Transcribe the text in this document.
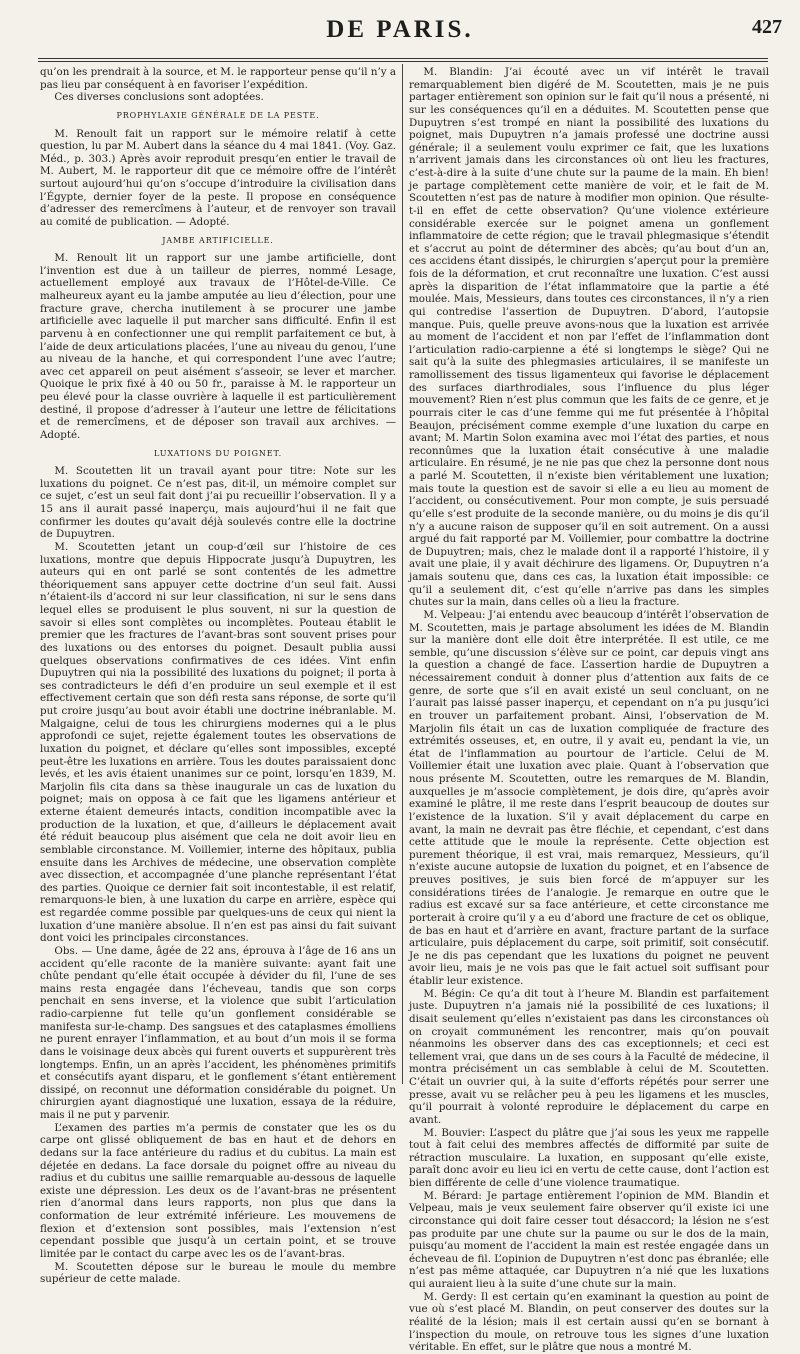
DE PARIS.	427

qu’on les prendrait à la source, et M. le rapporteur pense qu’il n’y a pas lieu par conséquent à en favoriser l’expédition.

Ces diverses conclusions sont adoptées.

PROPHYLAXIE GÉNÉRALE DE LA PESTE.

M. Renoult fait un rapport sur le mémoire relatif à cette question, lu par M. Aubert dans la séance du 4 mai 1841. (Voy. Gaz. Méd., p. 303.) Après avoir reproduit presqu’en entier le travail de M. Aubert, M. le rapporteur dit que ce mémoire offre de l’intérêt surtout aujourd’hui qu’on s’occupe d’introduire la civilisation dans l’Égypte, dernier foyer de la peste. Il propose en conséquence d’adresser des remercîmens à l’auteur, et de renvoyer son travail au comité de publication. — Adopté.

JAMBE ARTIFICIELLE.

M. Renoult lit un rapport sur une jambe artificielle, dont l’invention est due à un tailleur de pierres, nommé Lesage, actuellement employé aux travaux de l’Hôtel-de-Ville. Ce malheureux ayant eu la jambe amputée au lieu d’élection, pour une fracture grave, chercha inutilement à se procurer une jambe artificielle avec laquelle il put marcher sans difficulté. Enfin il est parvenu à en confectionner une qui remplit parfaitement ce but, à l’aide de deux articulations placées, l’une au niveau du genou, l’une au niveau de la hanche, et qui correspondent l’une avec l’autre; avec cet appareil on peut aisément s’asseoir, se lever et marcher. Quoique le prix fixé à 40 ou 50 fr., paraisse à M. le rapporteur un peu élevé pour la classe ouvrière à laquelle il est particulièrement destiné, il propose d’adresser à l’auteur une lettre de félicitations et de remercîmens, et de déposer son travail aux archives. — Adopté.

LUXATIONS DU POIGNET.

M. Scoutetten lit un travail ayant pour titre: Note sur les luxations du poignet. Ce n’est pas, dit-il, un mémoire complet sur ce sujet, c’est un seul fait dont j’ai pu recueillir l’observation. Il y a 15 ans il aurait passé inaperçu, mais aujourd’hui il ne fait que confirmer les doutes qu’avait déjà soulevés contre elle la doctrine de Dupuytren.

M. Scoutetten jetant un coup-d’œil sur l’histoire de ces luxations, montre que depuis Hippocrate jusqu’à Dupuytren, les auteurs qui en ont parlé se sont contentés de les admettre théoriquement sans appuyer cette doctrine d’un seul fait. Aussi n’étaient-ils d’accord ni sur leur classification, ni sur le sens dans lequel elles se produisent le plus souvent, ni sur la question de savoir si elles sont complètes ou incomplètes. Pouteau établit le premier que les fractures de l’avant-bras sont souvent prises pour des luxations ou des entorses du poignet. Desault publia aussi quelques observations confirmatives de ces idées. Vint enfin Dupuytren qui nia la possibilité des luxations du poignet; il porta à ses contradicteurs le défi d’en produire un seul exemple et il est effectivement certain que son défi resta sans réponse, de sorte qu’il put croire jusqu’au bout avoir établi une doctrine inébranlable. M. Malgaigne, celui de tous les chirurgiens modernes qui a le plus approfondi ce sujet, rejette également toutes les observations de luxation du poignet, et déclare qu’elles sont impossibles, excepté peut-être les luxations en arrière. Tous les doutes paraissaient donc levés, et les avis étaient unanimes sur ce point, lorsqu’en 1839, M. Marjolin fils cita dans sa thèse inaugurale un cas de luxation du poignet; mais on opposa à ce fait que les ligamens antérieur et externe étaient demeurés intacts, condition incompatible avec la production de la luxation, et que, d’ailleurs le déplacement avait été réduit beaucoup plus aisément que cela ne doit avoir lieu en semblable circonstance. M. Voillemier, interne des hôpitaux, publia ensuite dans les Archives de médecine, une observation complète avec dissection, et accompagnée d’une planche représentant l’état des parties. Quoique ce dernier fait soit incontestable, il est relatif, remarquons-le bien, à une luxation du carpe en arrière, espèce qui est regardée comme possible par quelques-uns de ceux qui nient la luxation d’une manière absolue. Il n’en est pas ainsi du fait suivant dont voici les principales circonstances.

Obs. — Une dame, âgée de 22 ans, éprouva à l’âge de 16 ans un accident qu’elle raconte de la manière suivante: ayant fait une chûte pendant qu’elle était occupée à dévider du fil, l’une de ses mains resta engagée dans l’écheveau, tandis que son corps penchait en sens inverse, et la violence que subit l’articulation radio-carpienne fut telle qu’un gonflement considérable se manifesta sur-le-champ. Des sangsues et des cataplasmes émolliens ne purent enrayer l’inflammation, et au bout d’un mois il se forma dans le voisinage deux abcès qui furent ouverts et suppurèrent très longtemps. Enfin, un an après l’accident, les phénomènes primitifs et consécutifs ayant disparu, et le gonflement s’étant entièrement dissipé, on reconnut une déformation considérable du poignet. Un chirurgien ayant diagnostiqué une luxation, essaya de la réduire, mais il ne put y parvenir.

L’examen des parties m’a permis de constater que les os du carpe ont glissé obliquement de bas en haut et de dehors en dedans sur la face antérieure du radius et du cubitus. La main est déjetée en dedans. La face dorsale du poignet offre au niveau du radius et du cubitus une saillie remarquable au-dessous de laquelle existe une dépression. Les deux os de l’avant-bras ne présentent rien d’anormal dans leurs rapports, non plus que dans la conformation de leur extrémité inférieure. Les mouvemens de flexion et d’extension sont possibles, mais l’extension n’est cependant possible que jusqu’à un certain point, et se trouve limitée par le contact du carpe avec les os de l’avant-bras.

M. Scoutetten dépose sur le bureau le moule du membre supérieur de cette malade.

M. Blandin: J’ai écouté avec un vif intérêt le travail remarquablement bien digéré de M. Scoutetten, mais je ne puis partager entièrement son opinion sur le fait qu’il nous a présenté, ni sur les conséquences qu’il en a déduites. M. Scoutetten pense que Dupuytren s’est trompé en niant la possibilité des luxations du poignet, mais Dupuytren n’a jamais professé une doctrine aussi générale; il a seulement voulu exprimer ce fait, que les luxations n’arrivent jamais dans les circonstances où ont lieu les fractures, c’est-à-dire à la suite d’une chute sur la paume de la main. Eh bien! je partage complètement cette manière de voir, et le fait de M. Scoutetten n’est pas de nature à modifier mon opinion. Que résulte-t-il en effet de cette observation? Qu’une violence extérieure considérable exercée sur le poignet amena un gonflement inflammatoire de cette région; que le travail phlegmasique s’étendit et s’accrut au point de déterminer des abcès; qu’au bout d’un an, ces accidens étant dissipés, le chirurgien s’aperçut pour la première fois de la déformation, et crut reconnaître une luxation. C’est aussi après la disparition de l’état inflammatoire que la partie a été moulée. Mais, Messieurs, dans toutes ces circonstances, il n’y a rien qui contredise l’assertion de Dupuytren. D’abord, l’autopsie manque. Puis, quelle preuve avons-nous que la luxation est arrivée au moment de l’accident et non par l’effet de l’inflammation dont l’articulation radio-carpienne a été si longtemps le siège? Qui ne sait qu’à la suite des phlegmasies articulaires, il se manifeste un ramollissement des tissus ligamenteux qui favorise le déplacement des surfaces diarthrodiales, sous l’influence du plus léger mouvement? Rien n’est plus commun que les faits de ce genre, et je pourrais citer le cas d’une femme qui me fut présentée à l’hôpital Beaujon, précisément comme exemple d’une luxation du carpe en avant; M. Martin Solon examina avec moi l’état des parties, et nous reconnûmes que la luxation était consécutive à une maladie articulaire. En résumé, je ne nie pas que chez la personne dont nous a parlé M. Scoutetten, il n’existe bien véritablement une luxation; mais toute la question est de savoir si elle a eu lieu au moment de l’accident, ou consécutivement. Pour mon compte, je suis persuadé qu’elle s’est produite de la seconde manière, ou du moins je dis qu’il n’y a aucune raison de supposer qu’il en soit autrement. On a aussi argué du fait rapporté par M. Voillemier, pour combattre la doctrine de Dupuytren; mais, chez le malade dont il a rapporté l’histoire, il y avait une plaie, il y avait déchirure des ligamens. Or, Dupuytren n’a jamais soutenu que, dans ces cas, la luxation était impossible: ce qu’il a seulement dit, c’est qu’elle n’arrive pas dans les simples chutes sur la main, dans celles où a lieu la fracture.

M. Velpeau: J’ai entendu avec beaucoup d’intérêt l’observation de M. Scoutetten, mais je partage absolument les idées de M. Blandin sur la manière dont elle doit être interprétée. Il est utile, ce me semble, qu’une discussion s’élève sur ce point, car depuis vingt ans la question a changé de face. L’assertion hardie de Dupuytren a nécessairement conduit à donner plus d’attention aux faits de ce genre, de sorte que s’il en avait existé un seul concluant, on ne l’aurait pas laissé passer inaperçu, et cependant on n’a pu jusqu’ici en trouver un parfaitement probant. Ainsi, l’observation de M. Marjolin fils était un cas de luxation compliquée de fracture des extrémités osseuses, et, en outre, il y avait eu, pendant la vie, un état de l’inflammation au pourtour de l’article. Celui de M. Voillemier était une luxation avec plaie. Quant à l’observation que nous présente M. Scoutetten, outre les remarques de M. Blandin, auxquelles je m’associe complètement, je dois dire, qu’après avoir examiné le plâtre, il me reste dans l’esprit beaucoup de doutes sur l’existence de la luxation. S’il y avait déplacement du carpe en avant, la main ne devrait pas être fléchie, et cependant, c’est dans cette attitude que le moule la représente. Cette objection est purement théorique, il est vrai, mais remarquez, Messieurs, qu’il n’existe aucune autopsie de luxation du poignet, et en l’absence de preuves positives, je suis bien forcé de m’appuyer sur les considérations tirées de l’analogie. Je remarque en outre que le radius est excavé sur sa face antérieure, et cette circonstance me porterait à croire qu’il y a eu d’abord une fracture de cet os oblique, de bas en haut et d’arrière en avant, fracture partant de la surface articulaire, puis déplacement du carpe, soit primitif, soit consécutif. Je ne dis pas cependant que les luxations du poignet ne peuvent avoir lieu, mais je ne vois pas que le fait actuel soit suffisant pour établir leur existence.

M. Bégin: Ce qu’a dit tout à l’heure M. Blandin est parfaitement juste. Dupuytren n’a jamais nié la possibilité de ces luxations; il disait seulement qu’elles n’existaient pas dans les circonstances où on croyait communément les rencontrer, mais qu’on pouvait néanmoins les observer dans des cas exceptionnels; et ceci est tellement vrai, que dans un de ses cours à la Faculté de médecine, il montra précisément un cas semblable à celui de M. Scoutetten. C’était un ouvrier qui, à la suite d’efforts répétés pour serrer une presse, avait vu se relâcher peu à peu les ligamens et les muscles, qu’il pourrait à volonté reproduire le déplacement du carpe en avant.

M. Bouvier: L’aspect du plâtre que j’ai sous les yeux me rappelle tout à fait celui des membres affectés de difformité par suite de rétraction musculaire. La luxation, en supposant qu’elle existe, paraît donc avoir eu lieu ici en vertu de cette cause, dont l’action est bien différente de celle d’une violence traumatique.

M. Bérard: Je partage entièrement l’opinion de MM. Blandin et Velpeau, mais je veux seulement faire observer qu’il existe ici une circonstance qui doit faire cesser tout désaccord; la lésion ne s’est pas produite par une chute sur la paume ou sur le dos de la main, puisqu’au moment de l’accident la main est restée engagée dans un écheveau de fil. L’opinion de Dupuytren n’est donc pas ébranlée; elle n’est pas même attaquée, car Dupuytren n’a nié que les luxations qui auraient lieu à la suite d’une chute sur la main.

M. Gerdy: Il est certain qu’en examinant la question au point de vue où s’est placé M. Blandin, on peut conserver des doutes sur la réalité de la lésion; mais il est certain aussi qu’en se bornant à l’inspection du moule, on retrouve tous les signes d’une luxation véritable. En effet, sur le plâtre que nous a montré M.
